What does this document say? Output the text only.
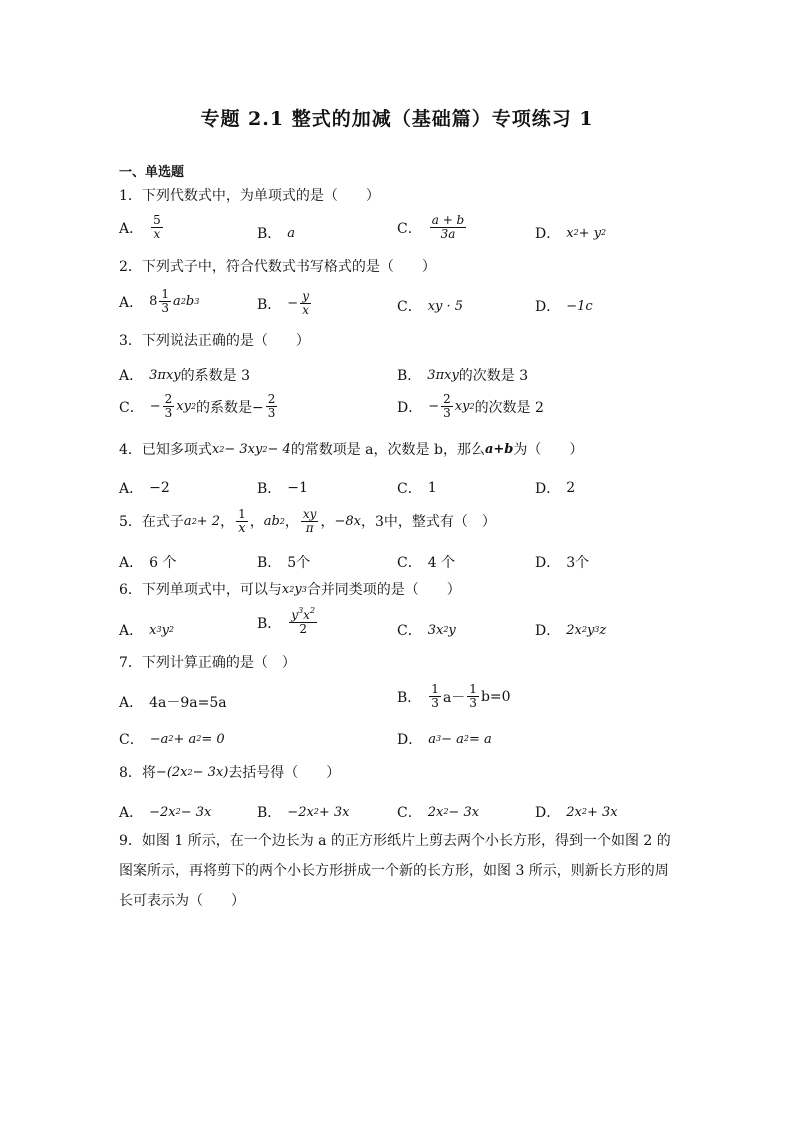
专题 2.1 整式的加减（基础篇）专项练习 1
一、单选题
1．下列代数式中，为单项式的是（　　）
A． $\frac{5}{x}$	B． a	C． $\frac{a + b}{3a}$	D． x 2 + y 2
2．下列式子中，符合代数式书写格式的是（　　）
A． $8 \frac{1}{3}$ a 2 b 3	B． − $\frac{y}{x}$	C． xy · 5	D． −1c
3．下列说法正确的是（　　）
A． 3πxy 的系数是 3	B． 3πxy 的次数是 3
C． − $\frac{2}{3}$ xy 2 的系数是− $\frac{2}{3}$	D． − $\frac{2}{3}$ xy 2 的次数是 2
4．已知多项式 x 2 − 3xy 2 − 4 的常数项是 a，次数是 b，那么 a+b 为（　　）
A． −2	B． −1	C． 1	D． 2
5．在式子 a 2 + 2 ， $\frac{1}{x}$ ， ab 2 ， $\frac{xy}{\pi}$ ， −8x ， 3 中，整式有（　）
A． 6 个	B． 5个	C． 4 个	D． 3个
6．下列单项式中，可以与 x 2 y 3 合并同类项的是（　　）
A． x 3 y 2	B． $\frac{y^3x^2}{2}$	C． 3x 2 y	D． 2x 2 y 3 z
7．下列计算正确的是（　）
A． 4a－9a=5a	B． $\frac{1}{3} a- \frac{1}{3} b=0$
C． −a 2 + a 2 = 0	D． a 3 − a 2 = a
8．将 −(2x 2 − 3x) 去括号得（　　）
A． −2x 2 − 3x	B． −2x 2 + 3x	C． 2x 2 − 3x	D． 2x 2 + 3x
9．如图 1 所示，在一个边长为 a 的正方形纸片上剪去两个小长方形，得到一个如图 2 的图案所示，再将剪下的两个小长方形拼成一个新的长方形，如图 3 所示，则新长方形的周长可表示为（　　）
